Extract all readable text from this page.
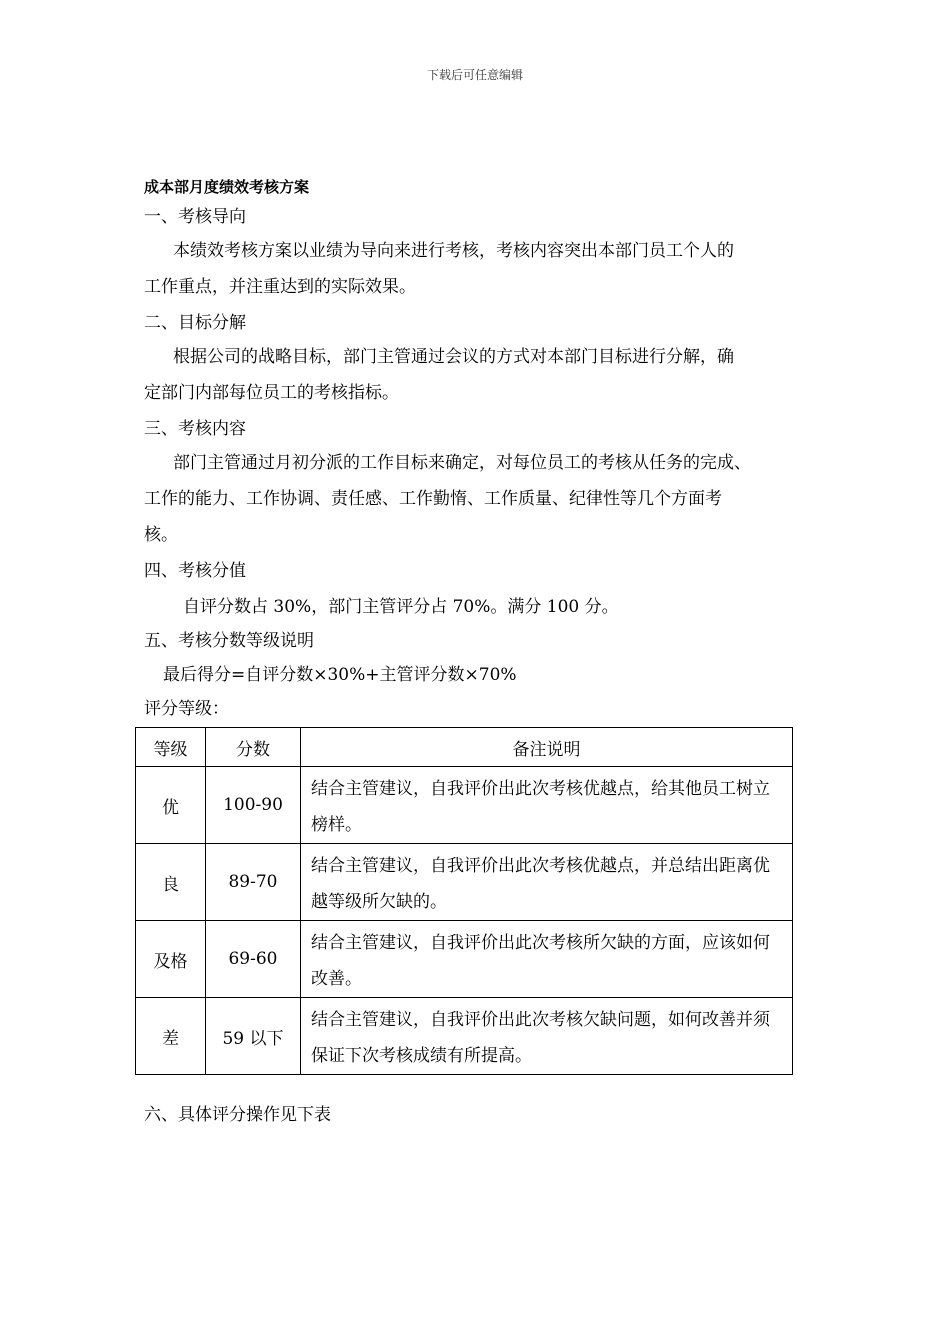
下载后可任意编辑
成本部月度绩效考核方案
一、考核导向
本绩效考核方案以业绩为导向来进行考核，考核内容突出本部门员工个人的
工作重点，并注重达到的实际效果。
二、目标分解
根据公司的战略目标，部门主管通过会议的方式对本部门目标进行分解，确
定部门内部每位员工的考核指标。
三、考核内容
部门主管通过月初分派的工作目标来确定，对每位员工的考核从任务的完成、
工作的能力、工作协调、责任感、工作勤惰、工作质量、纪律性等几个方面考
核。
四、考核分值
自评分数占 30%，部门主管评分占 70%。满分 100 分。
五、考核分数等级说明
最后得分=自评分数×30%+主管评分数×70%
评分等级：
等级	分数	备注说明
优	100-90	结合主管建议，自我评价出此次考核优越点，给其他员工树立榜样。
良	89-70	结合主管建议，自我评价出此次考核优越点，并总结出距离优越等级所欠缺的。
及格	69-60	结合主管建议，自我评价出此次考核所欠缺的方面，应该如何改善。
差	59 以下	结合主管建议，自我评价出此次考核欠缺问题，如何改善并须保证下次考核成绩有所提高。
六、具体评分操作见下表
